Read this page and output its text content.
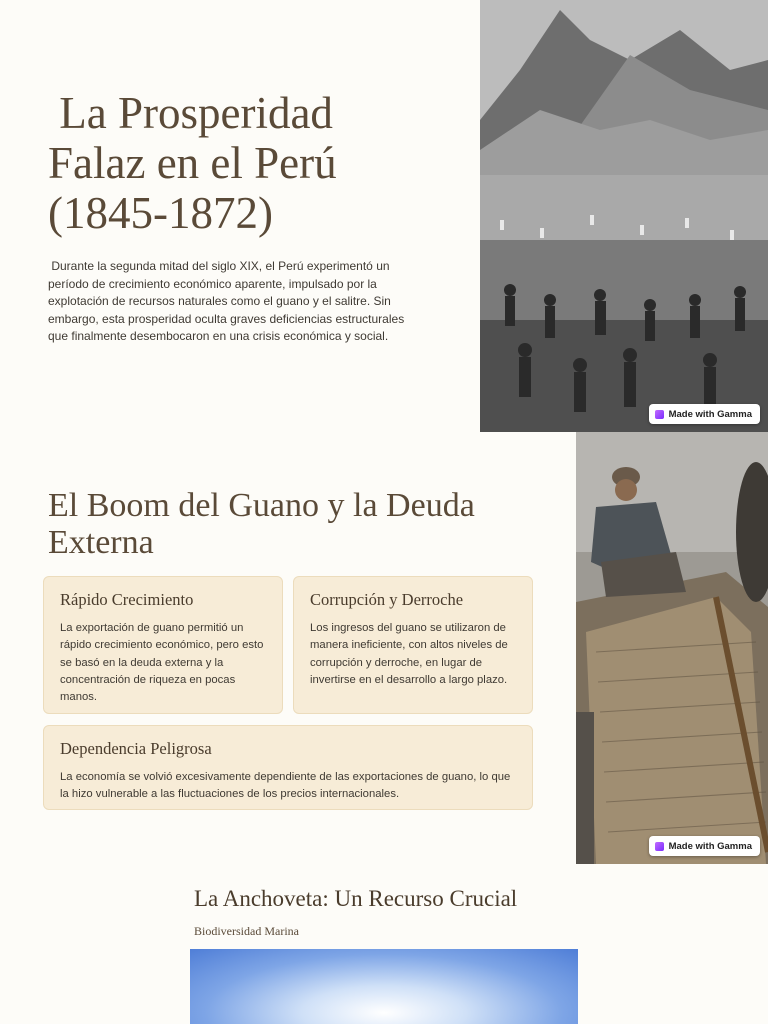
La Prosperidad
Falaz en el Perú
(1845-1872)

Durante la segunda mitad del siglo XIX, el Perú experimentó un período de crecimiento económico aparente, impulsado por la explotación de recursos naturales como el guano y el salitre. Sin embargo, esta prosperidad oculta graves deficiencias estructurales que finalmente desembocaron en una crisis económica y social.

Made with Gamma
El Boom del Guano y la Deuda Externa
Rápido Crecimiento

La exportación de guano permitió un rápido crecimiento económico, pero esto se basó en la deuda externa y la concentración de riqueza en pocas manos.

Corrupción y Derroche

Los ingresos del guano se utilizaron de manera ineficiente, con altos niveles de corrupción y derroche, en lugar de invertirse en el desarrollo a largo plazo.

Dependencia Peligrosa

La economía se volvió excesivamente dependiente de las exportaciones de guano, lo que la hizo vulnerable a las fluctuaciones de los precios internacionales.

Made with Gamma
La Anchoveta: Un Recurso Crucial

Biodiversidad Marina
